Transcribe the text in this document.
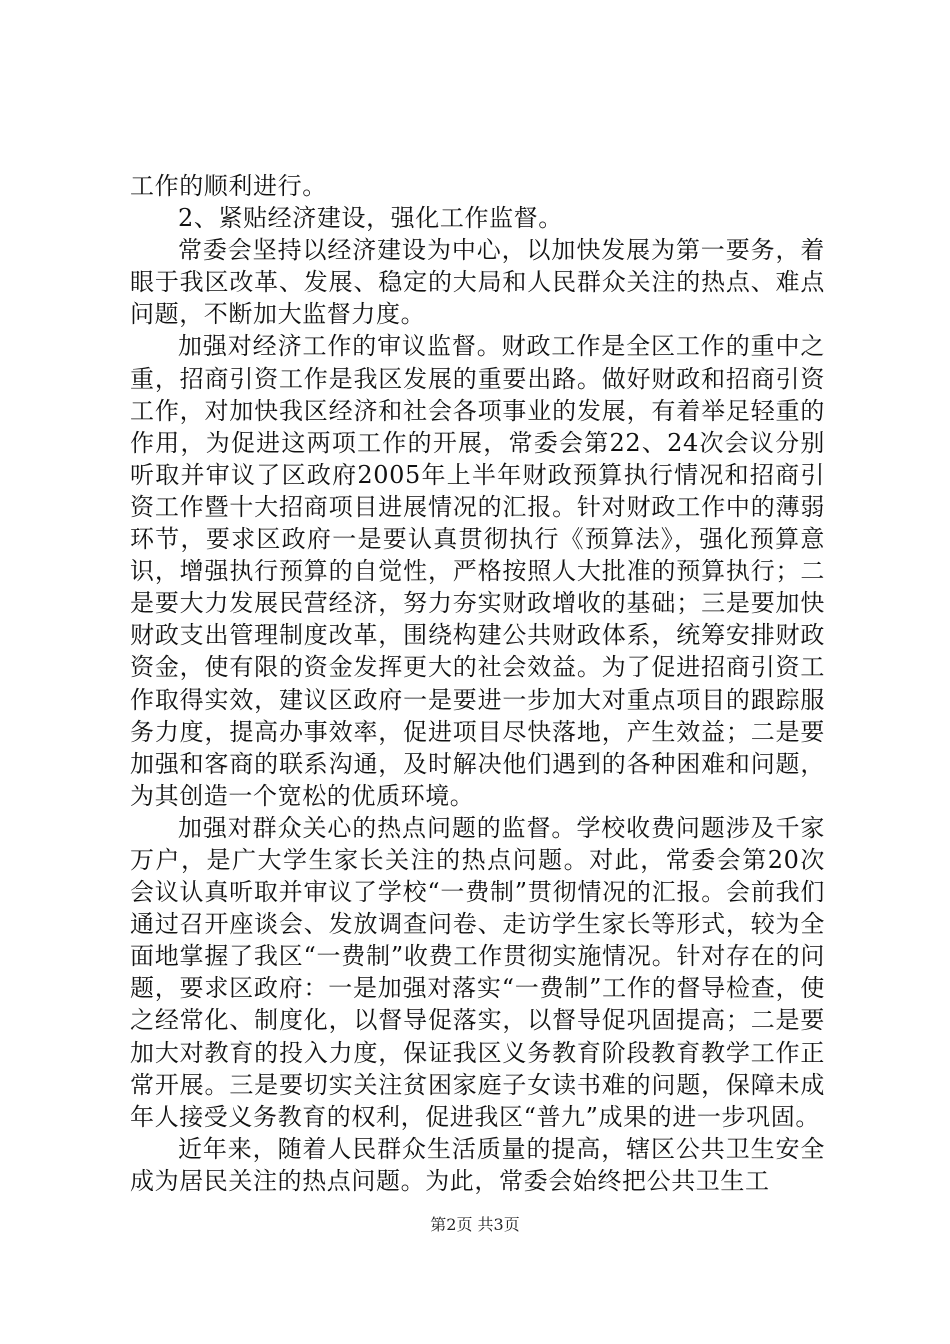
工作的顺利进行。

2、紧贴经济建设，强化工作监督。

常委会坚持以经济建设为中心，以加快发展为第一要务，着眼于我区改革、发展、稳定的大局和人民群众关注的热点、难点问题，不断加大监督力度。

加强对经济工作的审议监督。财政工作是全区工作的重中之重，招商引资工作是我区发展的重要出路。做好财政和招商引资工作，对加快我区经济和社会各项事业的发展，有着举足轻重的作用，为促进这两项工作的开展，常委会第22、24次会议分别听取并审议了区政府2005年上半年财政预算执行情况和招商引资工作暨十大招商项目进展情况的汇报。针对财政工作中的薄弱环节，要求区政府一是要认真贯彻执行《预算法》，强化预算意识，增强执行预算的自觉性，严格按照人大批准的预算执行；二是要大力发展民营经济，努力夯实财政增收的基础；三是要加快财政支出管理制度改革，围绕构建公共财政体系，统筹安排财政资金，使有限的资金发挥更大的社会效益。为了促进招商引资工作取得实效，建议区政府一是要进一步加大对重点项目的跟踪服务力度，提高办事效率，促进项目尽快落地，产生效益；二是要加强和客商的联系沟通，及时解决他们遇到的各种困难和问题，为其创造一个宽松的优质环境。

加强对群众关心的热点问题的监督。学校收费问题涉及千家万户，是广大学生家长关注的热点问题。对此，常委会第20次会议认真听取并审议了学校“一费制”贯彻情况的汇报。会前我们通过召开座谈会、发放调查问卷、走访学生家长等形式，较为全面地掌握了我区“一费制”收费工作贯彻实施情况。针对存在的问题，要求区政府：一是加强对落实“一费制”工作的督导检查，使之经常化、制度化，以督导促落实，以督导促巩固提高；二是要加大对教育的投入力度，保证我区义务教育阶段教育教学工作正常开展。三是要切实关注贫困家庭子女读书难的问题，保障未成年人接受义务教育的权利，促进我区“普九”成果的进一步巩固。

近年来，随着人民群众生活质量的提高，辖区公共卫生安全成为居民关注的热点问题。为此，常委会始终把公共卫生工

第2页 共3页
